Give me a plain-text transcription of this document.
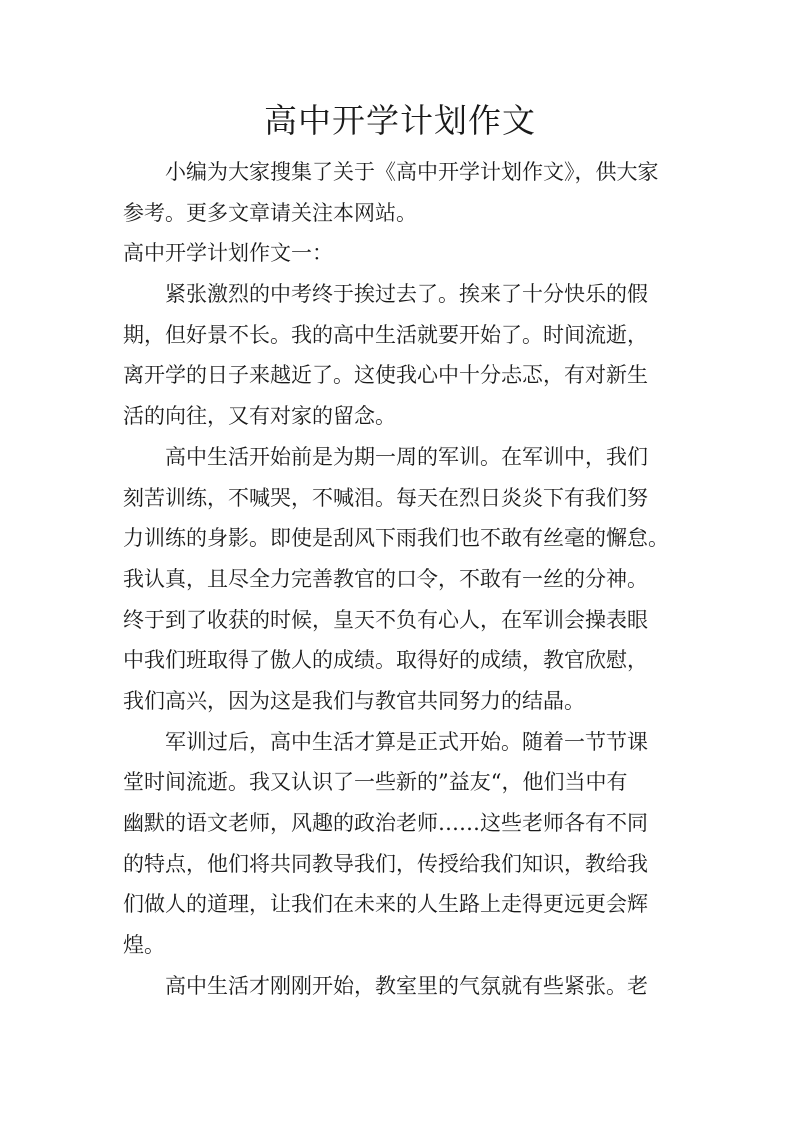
高中开学计划作文

小编为大家搜集了关于《高中开学计划作文》，供大家

参考。更多文章请关注本网站。

高中开学计划作文一：

紧张激烈的中考终于挨过去了。挨来了十分快乐的假

期，但好景不长。我的高中生活就要开始了。时间流逝，

离开学的日子来越近了。这使我心中十分忐忑，有对新生

活的向往，又有对家的留念。

高中生活开始前是为期一周的军训。在军训中，我们

刻苦训练，不喊哭，不喊泪。每天在烈日炎炎下有我们努

力训练的身影。即使是刮风下雨我们也不敢有丝毫的懈怠。

我认真，且尽全力完善教官的口令，不敢有一丝的分神。

终于到了收获的时候，皇天不负有心人，在军训会操表眼

中我们班取得了傲人的成绩。取得好的成绩，教官欣慰，

我们高兴，因为这是我们与教官共同努力的结晶。

军训过后，高中生活才算是正式开始。随着一节节课

堂时间流逝。我又认识了一些新的”益友“，他们当中有

幽默的语文老师，风趣的政治老师……这些老师各有不同

的特点，他们将共同教导我们，传授给我们知识，教给我

们做人的道理，让我们在未来的人生路上走得更远更会辉

煌。

高中生活才刚刚开始，教室里的气氛就有些紧张。老
